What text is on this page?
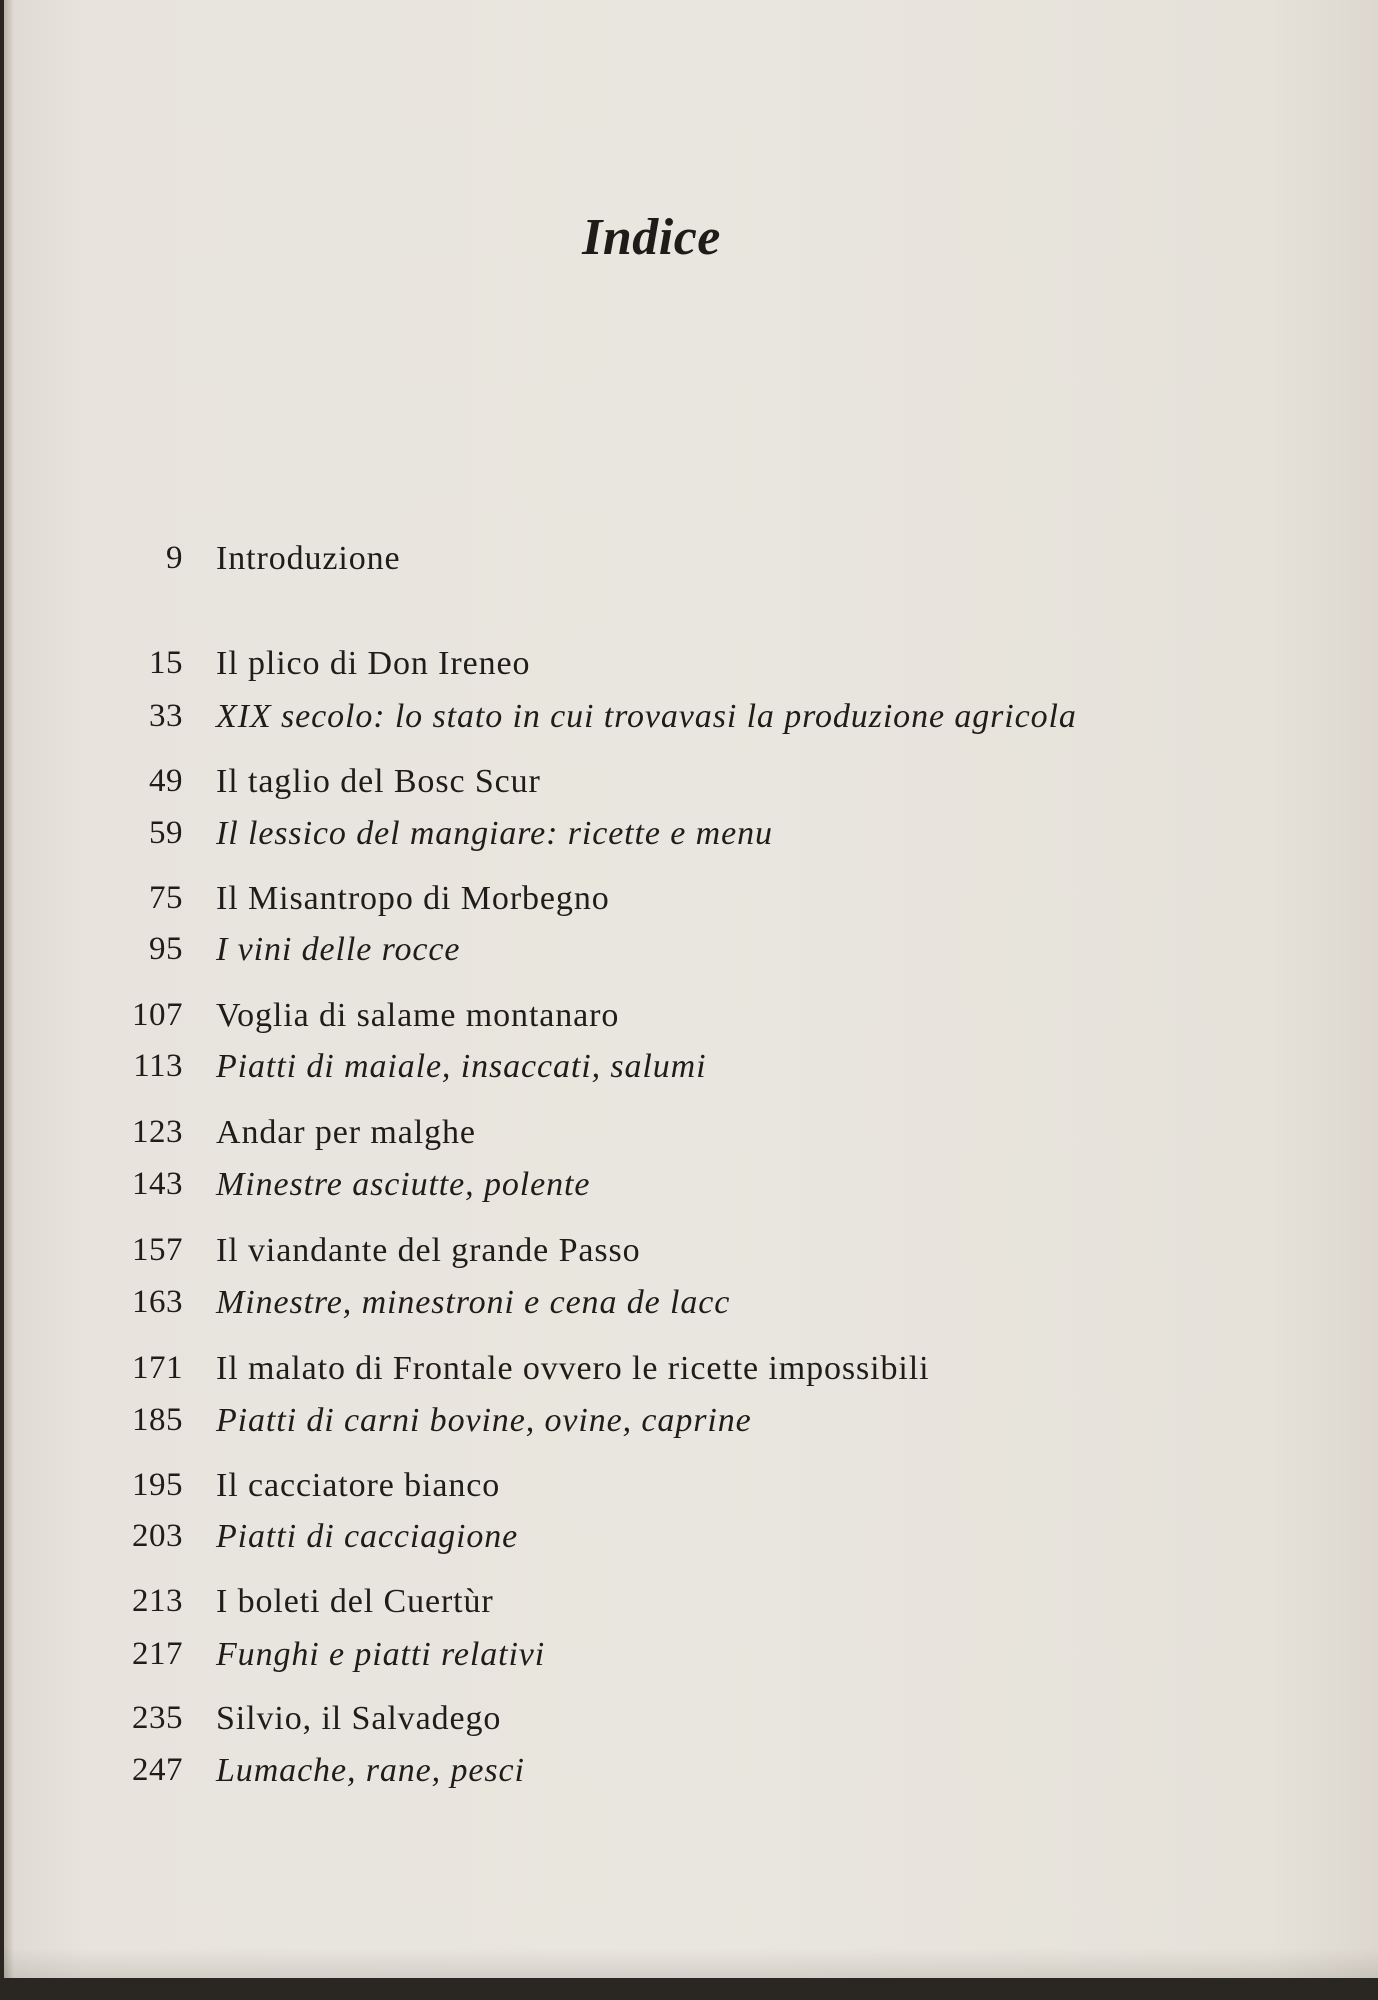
Indice
9 Introduzione
15 Il plico di Don Ireneo
33 XIX secolo: lo stato in cui trovavasi la produzione agricola
49 Il taglio del Bosc Scur
59 Il lessico del mangiare: ricette e menu
75 Il Misantropo di Morbegno
95 I vini delle rocce
107 Voglia di salame montanaro
113 Piatti di maiale, insaccati, salumi
123 Andar per malghe
143 Minestre asciutte, polente
157 Il viandante del grande Passo
163 Minestre, minestroni e cena de lacc
171 Il malato di Frontale ovvero le ricette impossibili
185 Piatti di carni bovine, ovine, caprine
195 Il cacciatore bianco
203 Piatti di cacciagione
213 I boleti del Cuertùr
217 Funghi e piatti relativi
235 Silvio, il Salvadego
247 Lumache, rane, pesci
